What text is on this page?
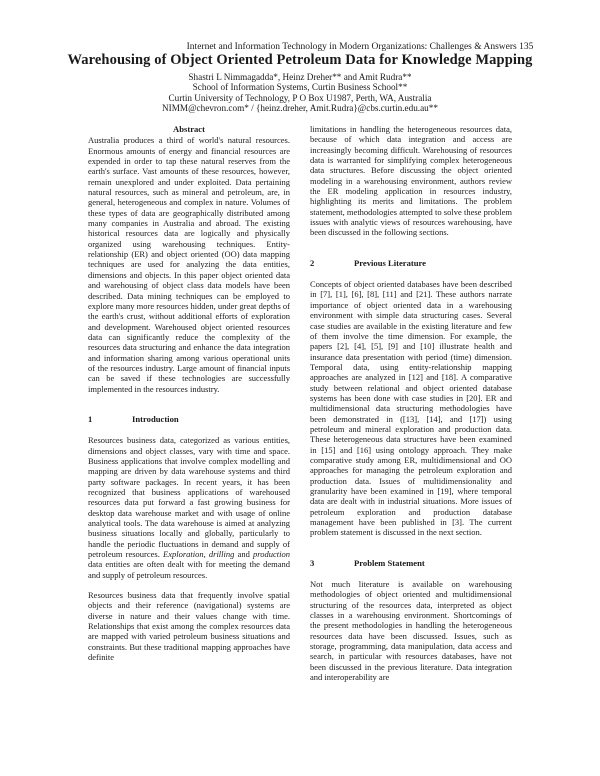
Internet and Information Technology in Modern Organizations: Challenges & Answers 135
Warehousing of Object Oriented Petroleum Data for Knowledge Mapping
Shastri L Nimmagadda*, Heinz Dreher** and Amit Rudra**
School of Information Systems, Curtin Business School**
Curtin University of Technology, P O Box U1987, Perth, WA, Australia
NIMM@chevron.com* / {heinz.dreher, Amit.Rudra}@cbs.curtin.edu.au**
Abstract

Australia produces a third of world's natural resources. Enormous amounts of energy and financial resources are expended in order to tap these natural reserves from the earth's surface. Vast amounts of these resources, however, remain unexplored and under exploited. Data pertaining natural resources, such as mineral and petroleum, are, in general, heterogeneous and complex in nature. Volumes of these types of data are geographically distributed among many companies in Australia and abroad. The existing historical resources data are logically and physically organized using warehousing techniques. Entity-relationship (ER) and object oriented (OO) data mapping techniques are used for analyzing the data entities, dimensions and objects. In this paper object oriented data and warehousing of object class data models have been described. Data mining techniques can be employed to explore many more resources hidden, under great depths of the earth's crust, without additional efforts of exploration and development. Warehoused object oriented resources data can significantly reduce the complexity of the resources data structuring and enhance the data integration and information sharing among various operational units of the resources industry. Large amount of financial inputs can be saved if these technologies are successfully implemented in the resources industry.

1	Introduction

Resources business data, categorized as various entities, dimensions and object classes, vary with time and space. Business applications that involve complex modelling and mapping are driven by data warehouse systems and third party software packages. In recent years, it has been recognized that business applications of warehoused resources data put forward a fast growing business for desktop data warehouse market and with usage of online analytical tools. The data warehouse is aimed at analyzing business situations locally and globally, particularly to handle the periodic fluctuations in demand and supply of petroleum resources. Exploration, drilling and production data entities are often dealt with for meeting the demand and supply of petroleum resources.

Resources business data that frequently involve spatial objects and their reference (navigational) systems are diverse in nature and their values change with time. Relationships that exist among the complex resources data are mapped with varied petroleum business situations and constraints. But these traditional mapping approaches have definite

limitations in handling the heterogeneous resources data, because of which data integration and access are increasingly becoming difficult. Warehousing of resources data is warranted for simplifying complex heterogeneous data structures. Before discussing the object oriented modeling in a warehousing environment, authors review the ER modeling application in resources industry, highlighting its merits and limitations. The problem statement, methodologies attempted to solve these problem issues with analytic views of resources warehousing, have been discussed in the following sections.

2	Previous Literature

Concepts of object oriented databases have been described in [7], [1], [6], [8], [11] and [21]. These authors narrate importance of object oriented data in a warehousing environment with simple data structuring cases. Several case studies are available in the existing literature and few of them involve the time dimension. For example, the papers [2], [4], [5], [9] and [10] illustrate health and insurance data presentation with period (time) dimension. Temporal data, using entity-relationship mapping approaches are analyzed in [12] and [18]. A comparative study between relational and object oriented database systems has been done with case studies in [20]. ER and multidimensional data structuring methodologies have been demonstrated in ([13], [14], and [17]) using petroleum and mineral exploration and production data. These heterogeneous data structures have been examined in [15] and [16] using ontology approach. They make comparative study among ER, multidimensional and OO approaches for managing the petroleum exploration and production data. Issues of multidimensionality and granularity have been examined in [19], where temporal data are dealt with in industrial situations. More issues of petroleum exploration and production database management have been published in [3]. The current problem statement is discussed in the next section.

3	Problem Statement

Not much literature is available on warehousing methodologies of object oriented and multidimensional structuring of the resources data, interpreted as object classes in a warehousing environment. Shortcomings of the present methodologies in handling the heterogeneous resources data have been discussed. Issues, such as storage, programming, data manipulation, data access and search, in particular with resources databases, have not been discussed in the previous literature. Data integration and interoperability are
